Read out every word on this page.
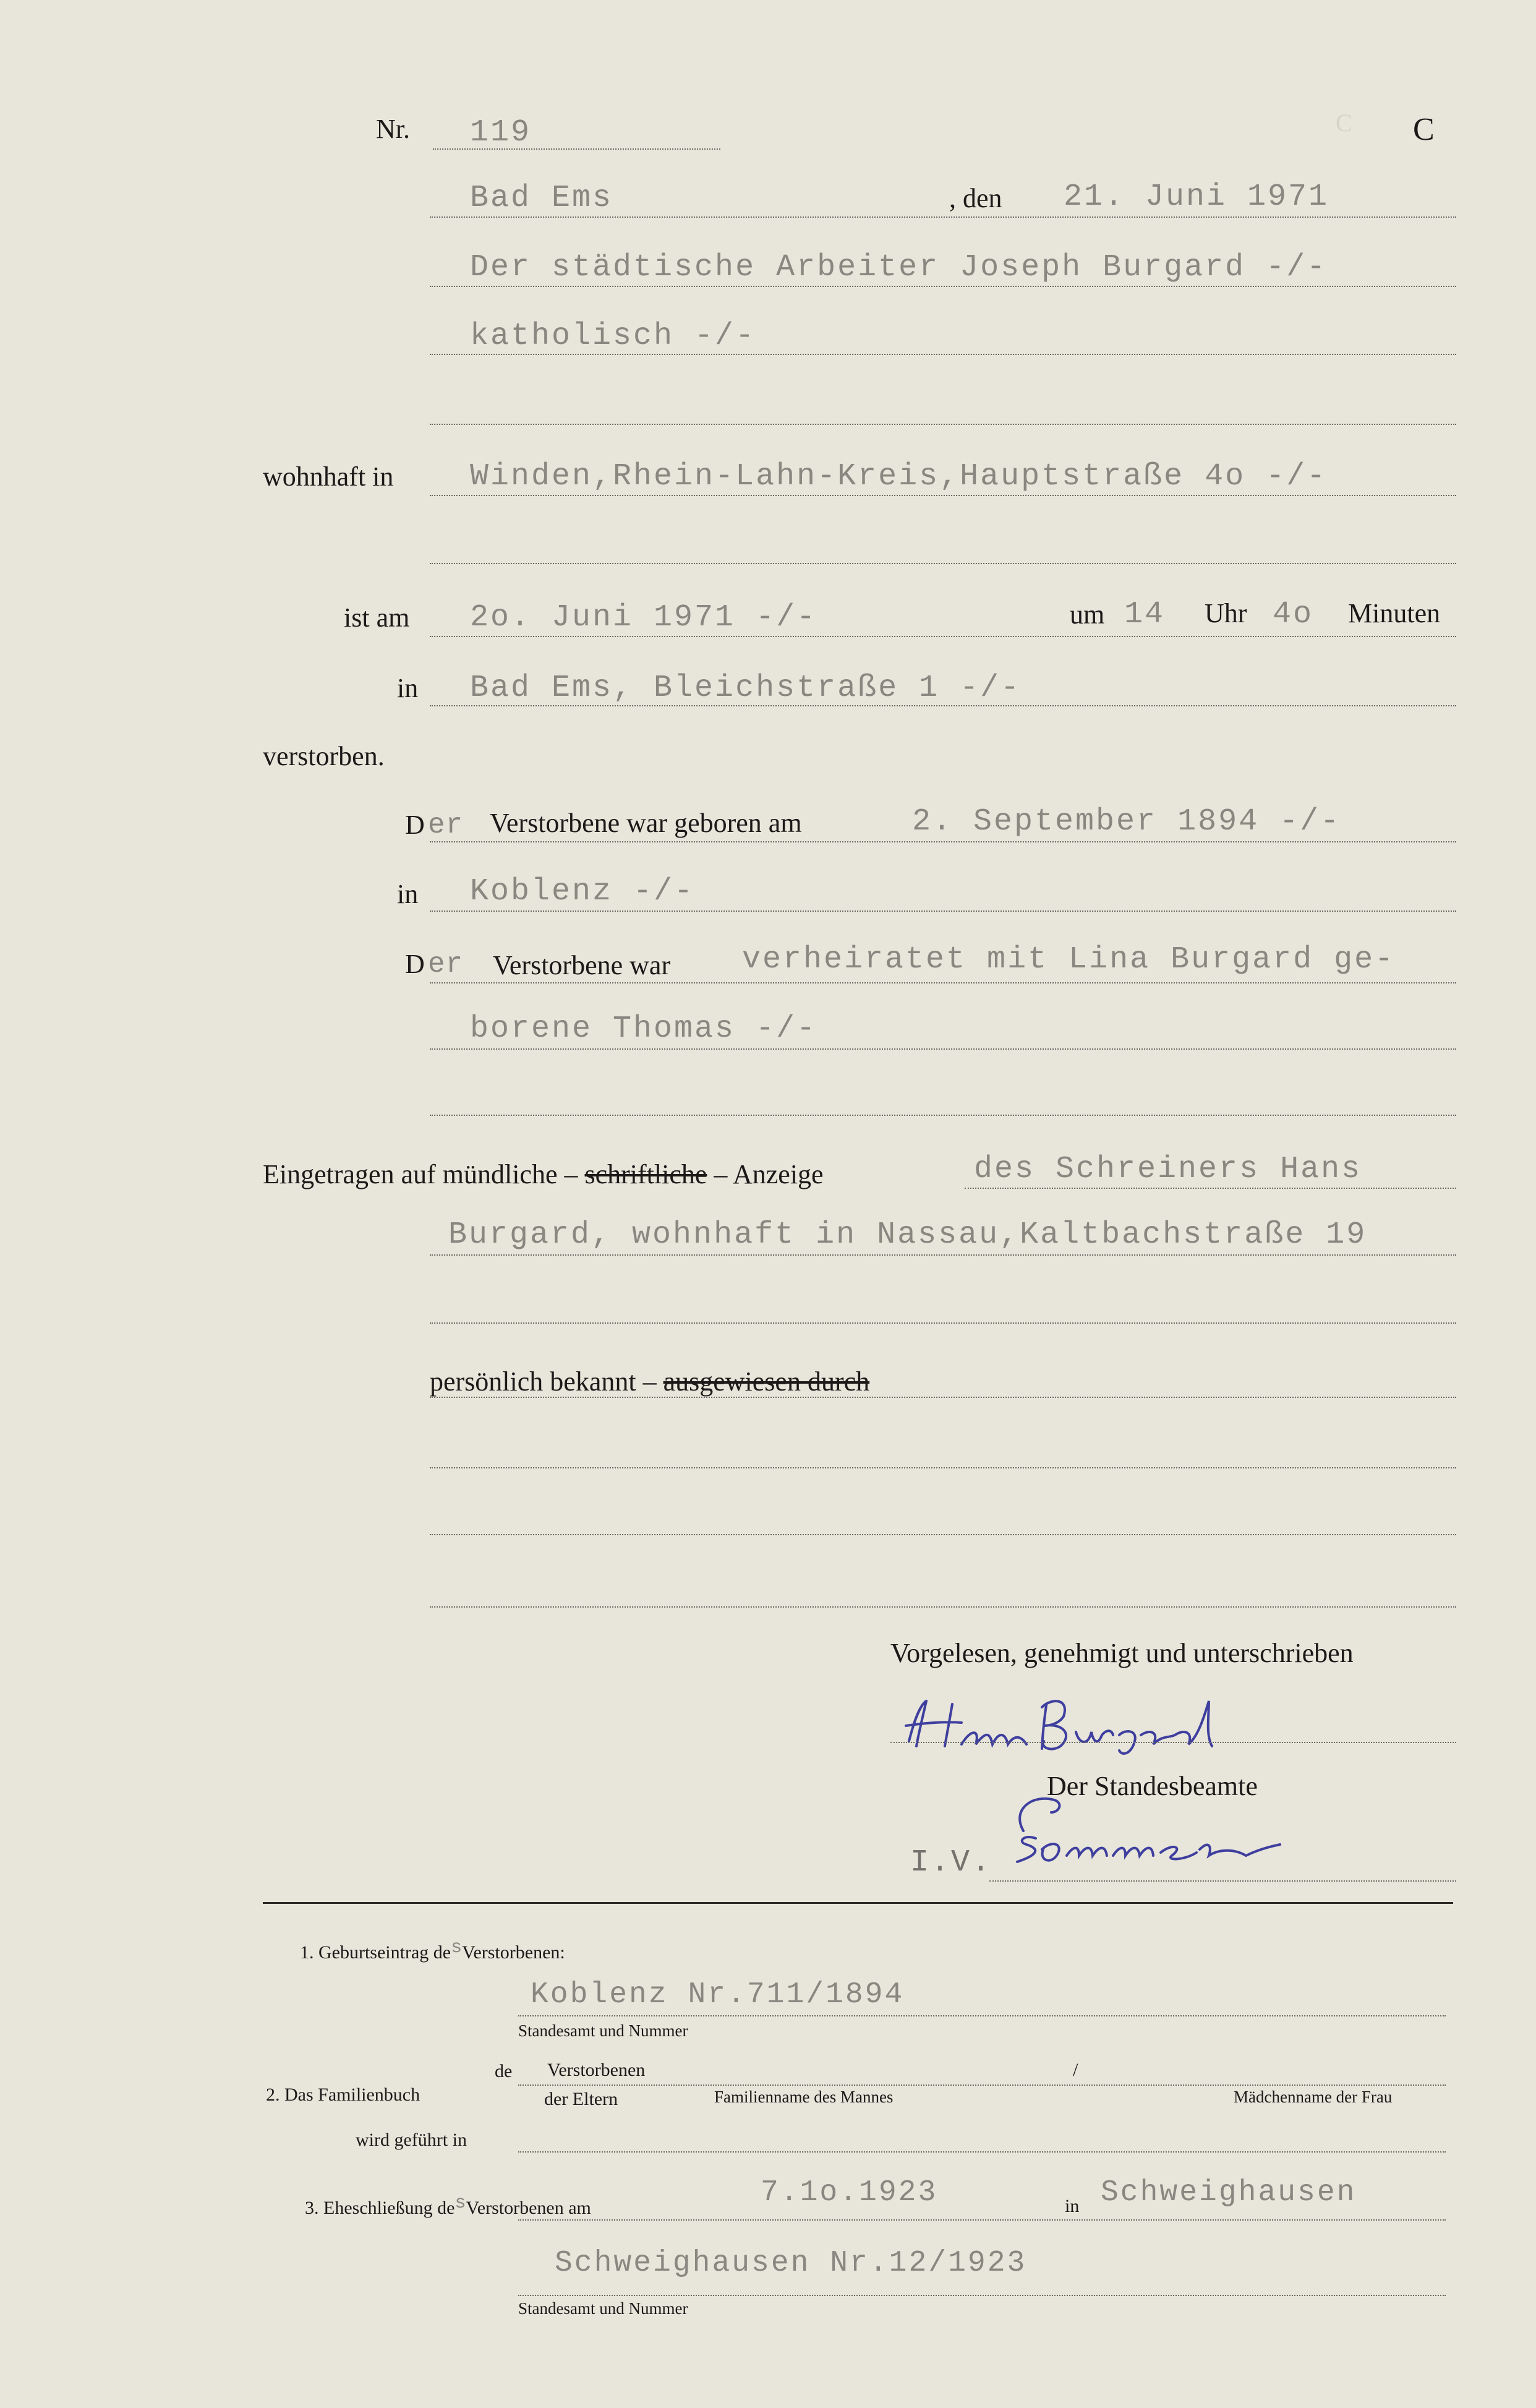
C
Nr. 119	C
Bad Ems	, den 21. Juni 1971
Der städtische Arbeiter Joseph Burgard -/-
katholisch -/-
wohnhaft in Winden,Rhein-Lahn-Kreis,Hauptstraße 4o -/-
ist am 2o. Juni 1971 -/-	um 14 Uhr 4o Minuten
in Bad Ems, Bleichstraße 1 -/-
verstorben.
D er Verstorbene war geboren am	2. September 1894 -/-
in Koblenz -/-
D er Verstorbene war verheiratet mit Lina Burgard ge-
borene Thomas -/-
Eingetragen auf mündliche – schriftliche – Anzeige	des Schreiners Hans
Burgard, wohnhaft in Nassau,Kaltbachstraße 19
persönlich bekannt – ausgewiesen durch
Vorgelesen, genehmigt und unterschrieben
Der Standesbeamte
I.V.
1. Geburtseintrag desVerstorbenen:
Koblenz Nr.711/1894
Standesamt und Nummer
2. Das Familienbuch
de Verstorbenen
der Eltern
/
Familienname des Mannes	Mädchenname der Frau
wird geführt in
3. Eheschließung desVerstorbenen am	7.1o.1923	in Schweighausen
Schweighausen Nr.12/1923
Standesamt und Nummer
